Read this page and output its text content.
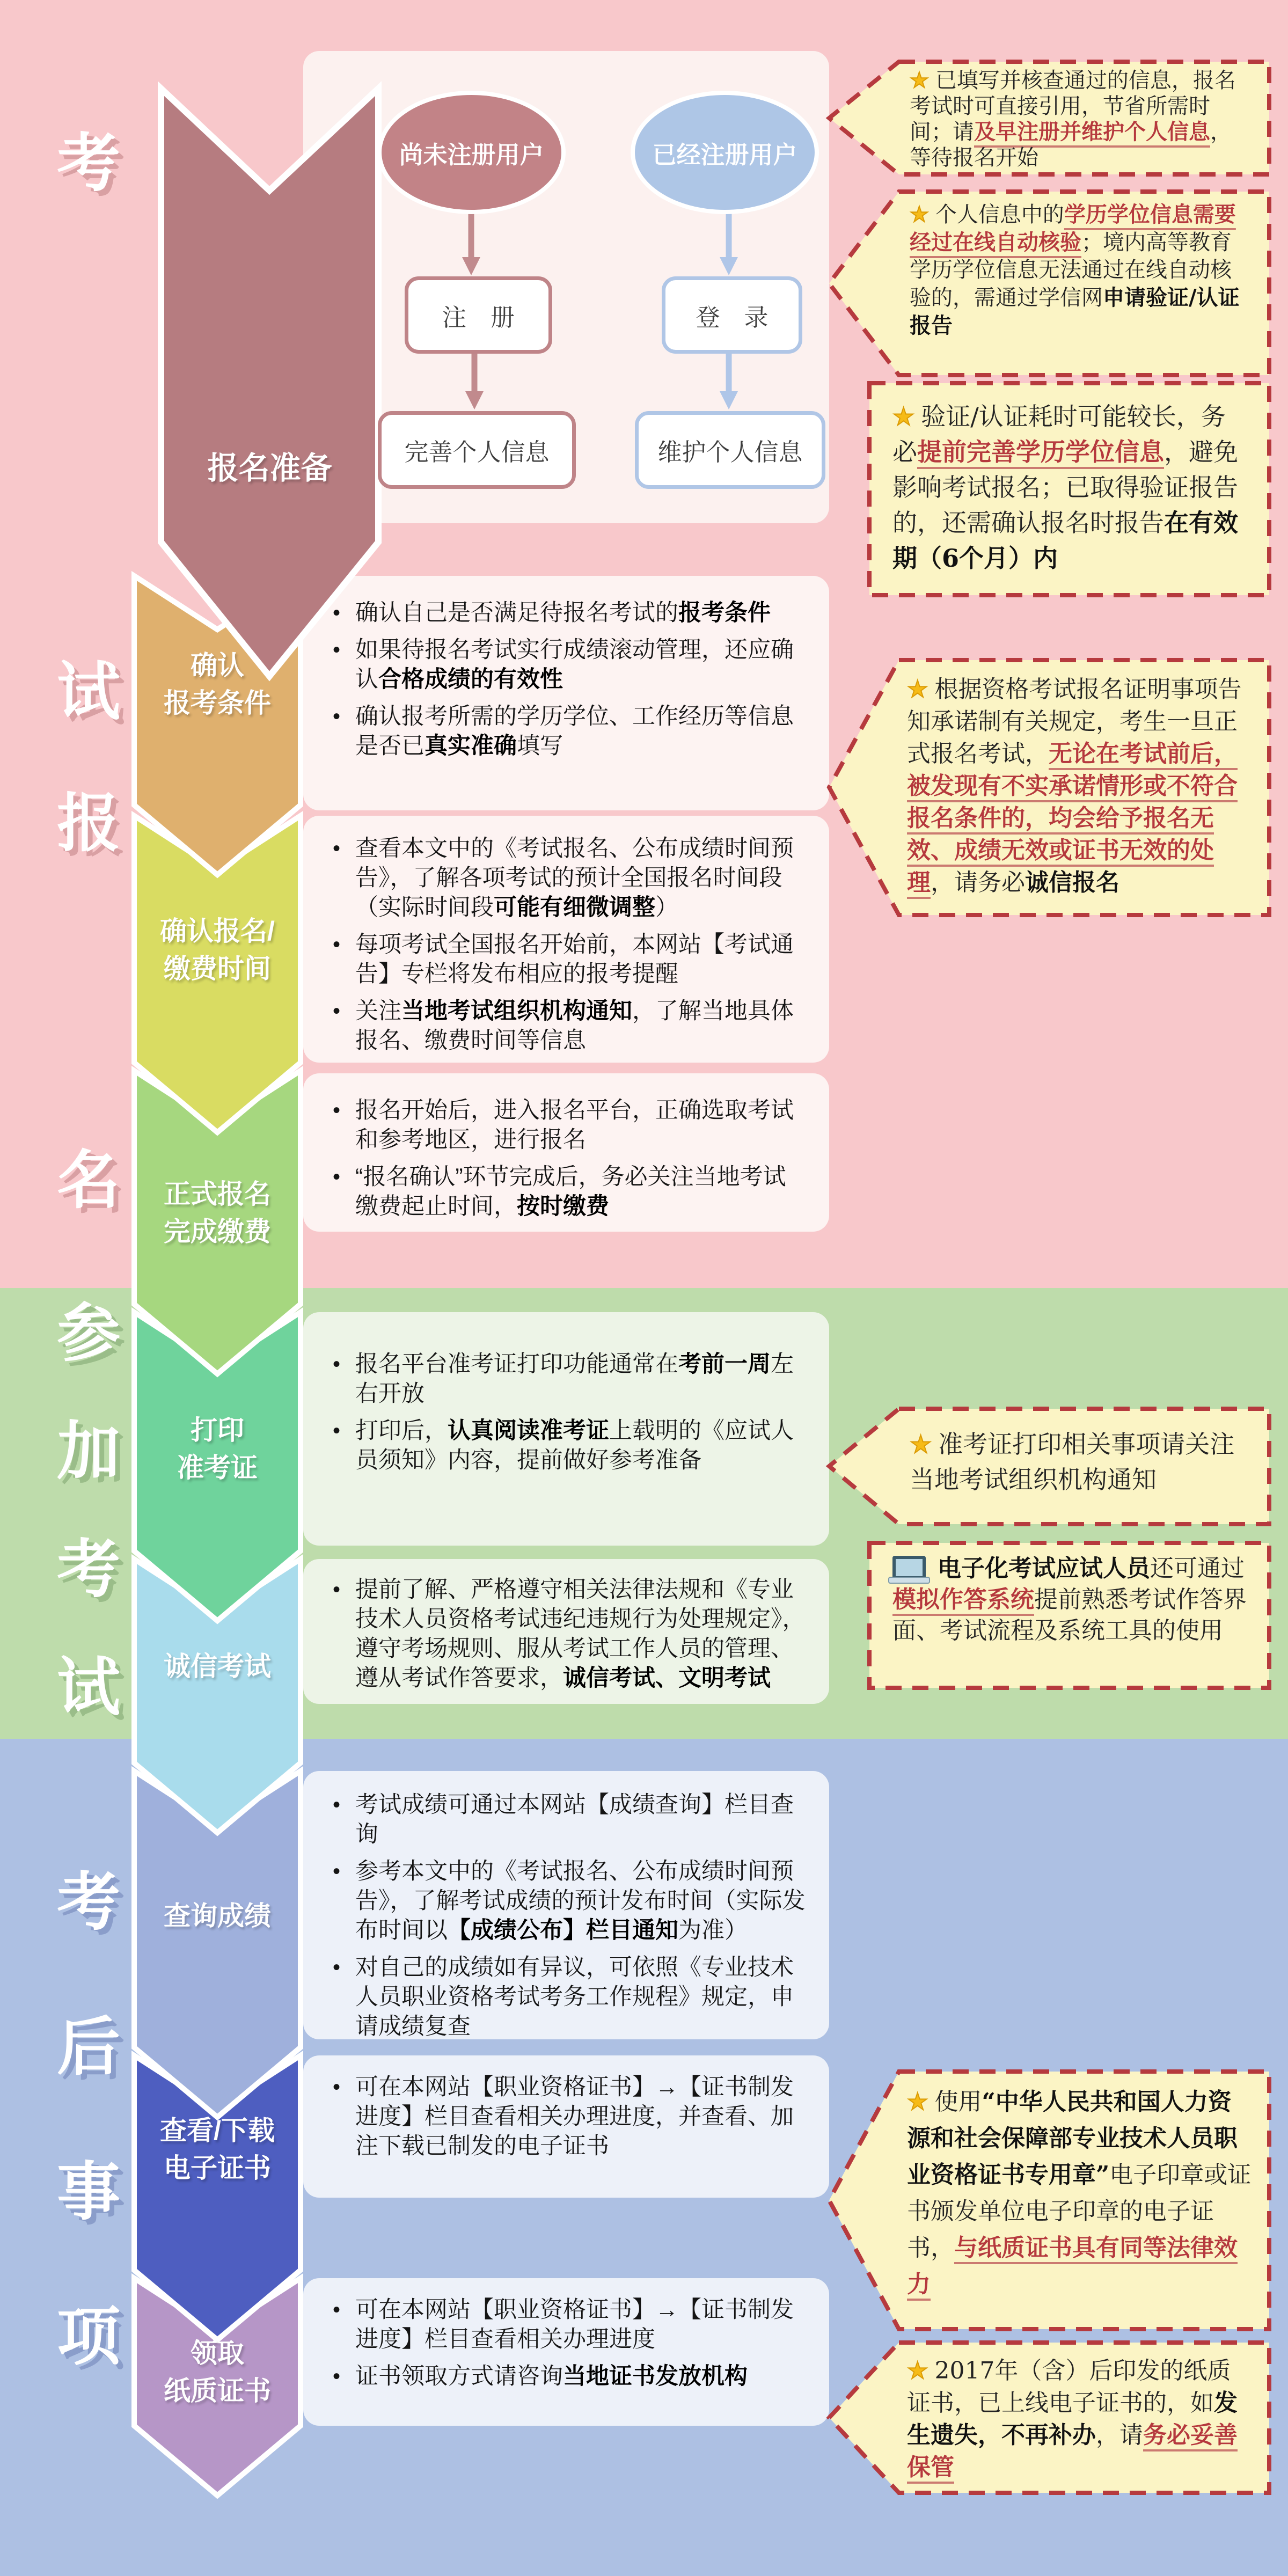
考
试
报
名
参
加
考
试
考
后
事
项
报名准备
确认
报考条件
确认报名/
缴费时间
正式报名
完成缴费
打印
准考证
诚信考试
查询成绩
查看/下载
电子证书
领取
纸质证书
尚未注册用户	已经注册用户
注　册	登　录
完善个人信息	维护个人信息
• 确认自己是否满足待报名考试的报考条件
• 如果待报名考试实行成绩滚动管理，还应确认合格成绩的有效性
• 确认报考所需的学历学位、工作经历等信息是否已真实准确填写
• 查看本文中的《考试报名、公布成绩时间预告》，了解各项考试的预计全国报名时间段（实际时间段可能有细微调整）
• 每项考试全国报名开始前，本网站【考试通告】专栏将发布相应的报考提醒
• 关注当地考试组织机构通知，了解当地具体报名、缴费时间等信息
• 报名开始后，进入报名平台，正确选取考试和参考地区，进行报名
• “报名确认”环节完成后，务必关注当地考试缴费起止时间，按时缴费
• 报名平台准考证打印功能通常在考前一周左右开放
• 打印后，认真阅读准考证上载明的《应试人员须知》内容，提前做好参考准备
• 提前了解、严格遵守相关法律法规和《专业技术人员资格考试违纪违规行为处理规定》，遵守考场规则、服从考试工作人员的管理、遵从考试作答要求，诚信考试、文明考试
• 考试成绩可通过本网站【成绩查询】栏目查询
• 参考本文中的《考试报名、公布成绩时间预告》，了解考试成绩的预计发布时间（实际发布时间以【成绩公布】栏目通知为准）
• 对自己的成绩如有异议，可依照《专业技术人员职业资格考试考务工作规程》规定，申请成绩复查
• 可在本网站【职业资格证书】→【证书制发进度】栏目查看相关办理进度，并查看、加注下载已制发的电子证书
• 可在本网站【职业资格证书】→【证书制发进度】栏目查看相关办理进度
• 证书领取方式请咨询当地证书发放机构
★已填写并核查通过的信息，报名考试时可直接引用，节省所需时间；请及早注册并维护个人信息，等待报名开始
★个人信息中的学历学位信息需要经过在线自动核验；境内高等教育学历学位信息无法通过在线自动核验的，需通过学信网申请验证/认证报告
★验证/认证耗时可能较长，务必提前完善学历学位信息，避免影响考试报名；已取得验证报告的，还需确认报名时报告在有效期（6个月）内
★根据资格考试报名证明事项告知承诺制有关规定，考生一旦正式报名考试，无论在考试前后，被发现有不实承诺情形或不符合报名条件的，均会给予报名无效、成绩无效或证书无效的处理，请务必诚信报名
★准考证打印相关事项请关注当地考试组织机构通知
电子化考试应试人员还可通过模拟作答系统提前熟悉考试作答界面、考试流程及系统工具的使用
★使用“中华人民共和国人力资源和社会保障部专业技术人员职业资格证书专用章”电子印章或证书颁发单位电子印章的电子证书，与纸质证书具有同等法律效力
★2017年（含）后印发的纸质证书，已上线电子证书的，如发生遗失，不再补办，请务必妥善保管
